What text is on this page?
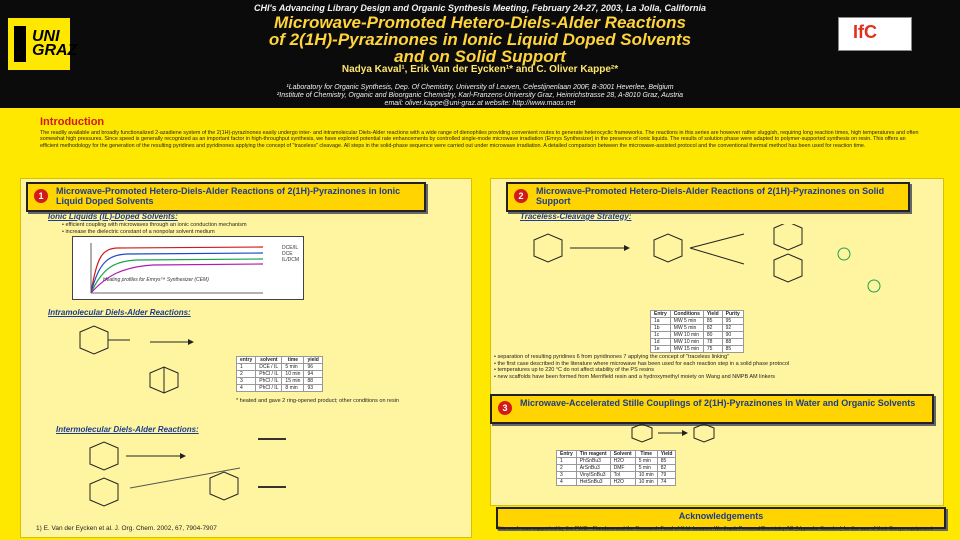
CHI's Advancing Library Design and Organic Synthesis Meeting, February 24-27, 2003, La Jolla, California
UNI GRAZ
Microwave-Promoted Hetero-Diels-Alder Reactions
of 2(1H)-Pyrazinones in Ionic Liquid Doped Solvents
and on Solid Support
Nadya Kaval¹, Erik Van der Eycken¹* and C. Oliver Kappe²*
¹Laboratory for Organic Synthesis, Dep. Of Chemistry, University of Leuven, Celestijnenlaan 200F, B-3001 Heverlee, Belgium
²Institute of Chemistry, Organic and Bioorganic Chemistry, Karl-Franzens-University Graz, Heinrichstrasse 28, A-8010 Graz, Austria
email: oliver.kappe@uni-graz.at website: http://www.maos.net
IfC
Introduction
The readily available and broadly functionalized 2-azadiene system of the 2(1H)-pyrazinones easily undergo inter- and intramolecular Diels-Alder reactions with a wide range of dienophiles providing convenient routes to generate heterocyclic frameworks. The reactions in this series are however rather sluggish, requiring long reaction times, high temperatures and often somewhat high pressures. Since speed is generally recognized as an important factor in high-throughput synthesis, we have explored potential rate enhancements by controlled single-mode microwave irradiation (Emrys Synthesizer) in the presence of ionic liquids. The results of solution phase were adapted to polymer-supported synthesis on resin. This offers an efficient methodology for the generation of the resulting pyridines and pyridinones applying the concept of "traceless" cleavage. All steps in the solid-phase sequence were carried out under microwave irradiation. A detailed comparison between the microwave-assisted protocol and the conventional thermal method has been used for reaction time.
1	Microwave-Promoted Hetero-Diels-Alder Reactions of 2(1H)-Pyrazinones in Ionic Liquid Doped Solvents
Ionic Liquids (IL)-Doped Solvents:
• efficient coupling with microwaves through an ionic conduction mechanism
• increase the dielectric constant of a nonpolar solvent medium
DCE/IL
DCE
IL/DCM
Heating profiles for Emrys™ Synthesizer (CEM)
Intramolecular Diels-Alder Reactions:
entry	solvent	time	yield
1	DCE / IL	5 min	96
2	PhCl / IL	10 min	94
3	PhCl / IL	15 min	88
4	PhCl / IL	8 min	93
* heated and gave 2 ring-opened product; other conditions on resin
Intermolecular Diels-Alder Reactions:
1) E. Van der Eycken et al. J. Org. Chem. 2002, 67, 7904-7907
2	Microwave-Promoted Hetero-Diels-Alder Reactions of 2(1H)-Pyrazinones on Solid Support
Traceless-Cleavage Strategy:
Entry	Conditions	Yield	Purity
1a	MW 5 min	85	95
1b	MW 5 min	82	92
1c	MW 10 min	80	90
1d	MW 10 min	78	88
1e	MW 15 min	75	85
• separation of resulting pyridines 6 from pyridinones 7 applying the concept of "traceless linking"
• the first case described in the literature where microwave has been used for each reaction step in a solid phase protocol
• temperatures up to 220 °C do not affect stability of the PS resins
• new scaffolds have been formed from Merrifield resin and a hydroxymethyl moiety on Wang and NMPB AM linkers
3	Microwave-Accelerated Stille Couplings of 2(1H)-Pyrazinones in Water and Organic Solvents
Entry	Tin reagent	Solvent	Time	Yield
1	PhSnBu3	H2O	5 min	85
2	ArSnBu3	DMF	5 min	82
3	VinylSnBu3	Tol	10 min	79
4	HetSnBu3	H2O	10 min	74
Acknowledgements
This work was supported by the FWO - Flanders and the Research Fund of K.U. Leuven. We thank PersonalChemistry AB (Uppsala, Sweden) for the use of their Emrys equipment.
